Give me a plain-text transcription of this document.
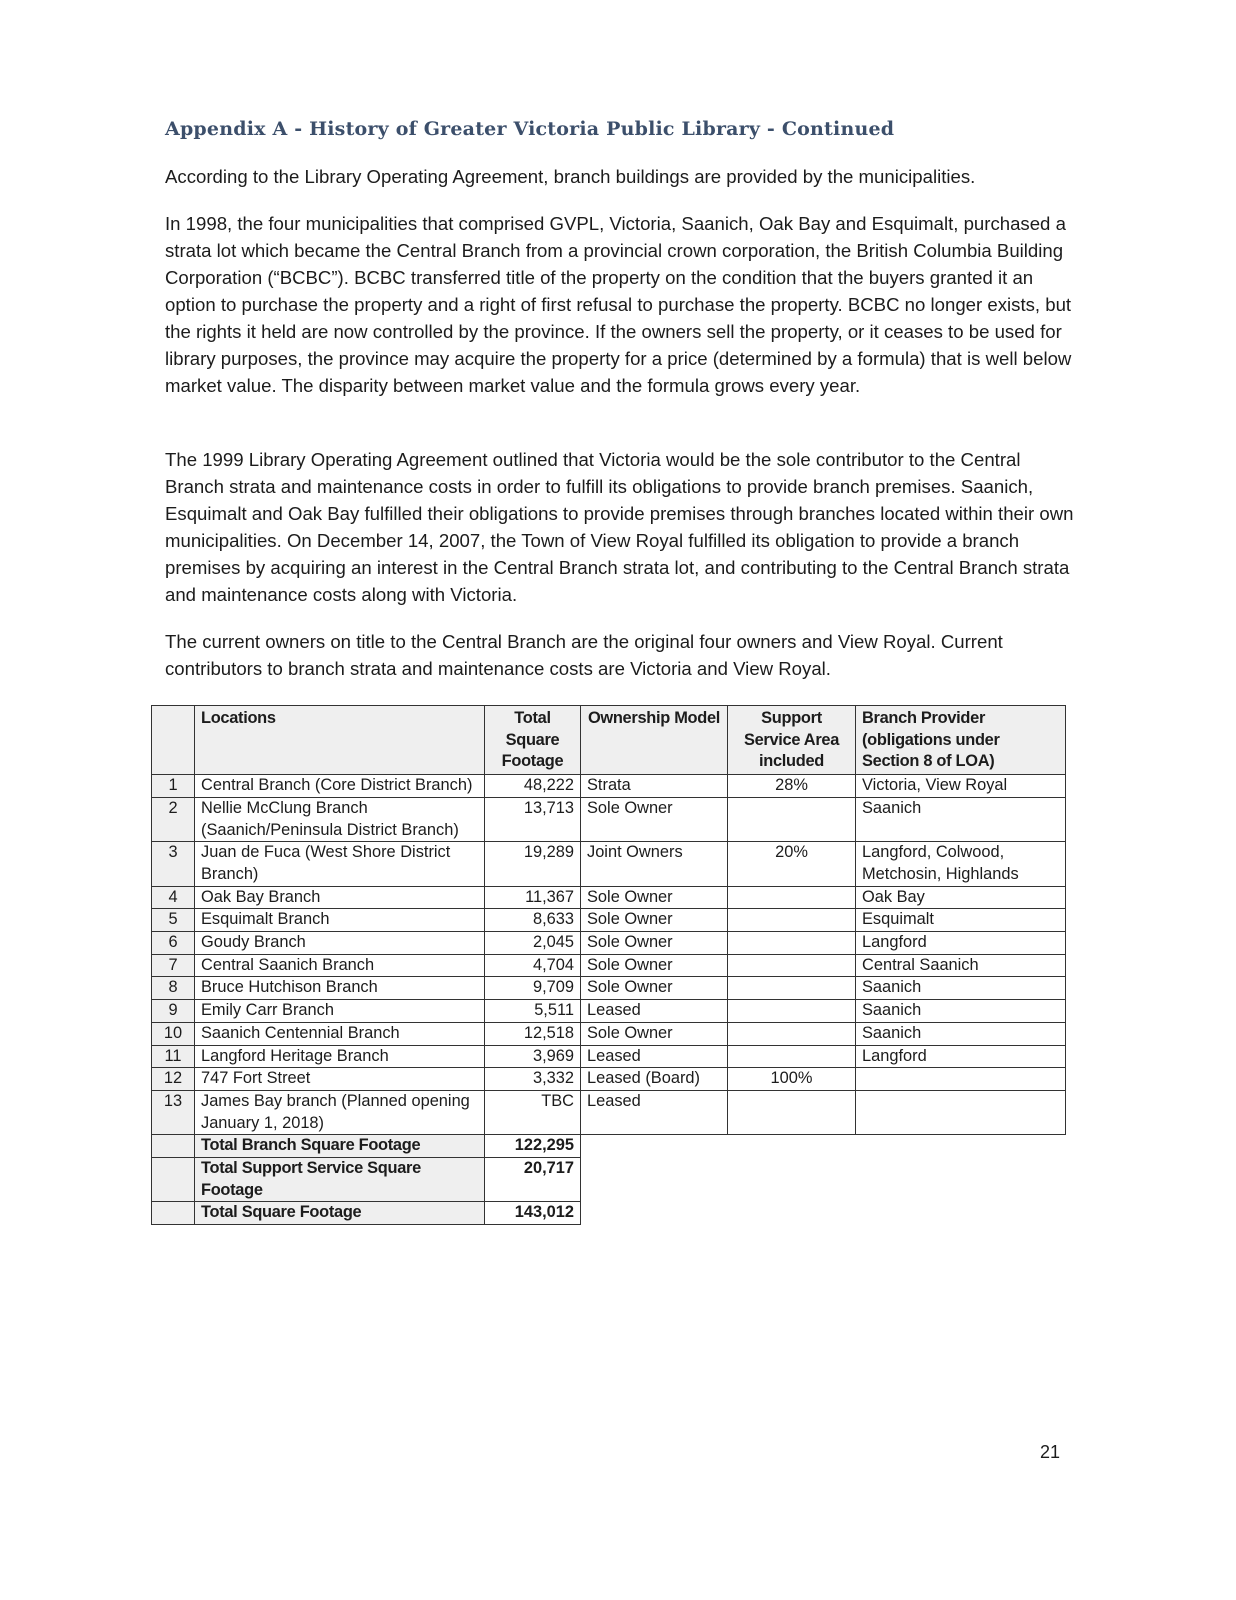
Appendix A - History of Greater Victoria Public Library - Continued

According to the Library Operating Agreement, branch buildings are provided by the municipalities.

In 1998, the four municipalities that comprised GVPL, Victoria, Saanich, Oak Bay and Esquimalt, purchased a strata lot which became the Central Branch from a provincial crown corporation, the British Columbia Building Corporation (“BCBC”). BCBC transferred title of the property on the condition that the buyers granted it an option to purchase the property and a right of first refusal to purchase the property. BCBC no longer exists, but the rights it held are now controlled by the province. If the owners sell the property, or it ceases to be used for library purposes, the province may acquire the property for a price (determined by a formula) that is well below market value. The disparity between market value and the formula grows every year.

The 1999 Library Operating Agreement outlined that Victoria would be the sole contributor to the Central Branch strata and maintenance costs in order to fulfill its obligations to provide branch premises. Saanich, Esquimalt and Oak Bay fulfilled their obligations to provide premises through branches located within their own municipalities. On December 14, 2007, the Town of View Royal fulfilled its obligation to provide a branch premises by acquiring an interest in the Central Branch strata lot, and contributing to the Central Branch strata and maintenance costs along with Victoria.

The current owners on title to the Central Branch are the original four owners and View Royal. Current contributors to branch strata and maintenance costs are Victoria and View Royal.

	Locations	Total Square Footage	Ownership Model	Support Service Area included	Branch Provider (obligations under Section 8 of LOA)
1	Central Branch (Core District Branch)	48,222	Strata	28%	Victoria, View Royal
2	Nellie McClung Branch (Saanich/Peninsula District Branch)	13,713	Sole Owner		Saanich
3	Juan de Fuca (West Shore District Branch)	19,289	Joint Owners	20%	Langford, Colwood, Metchosin, Highlands
4	Oak Bay Branch	11,367	Sole Owner		Oak Bay
5	Esquimalt Branch	8,633	Sole Owner		Esquimalt
6	Goudy Branch	2,045	Sole Owner		Langford
7	Central Saanich Branch	4,704	Sole Owner		Central Saanich
8	Bruce Hutchison Branch	9,709	Sole Owner		Saanich
9	Emily Carr Branch	5,511	Leased		Saanich
10	Saanich Centennial Branch	12,518	Sole Owner		Saanich
11	Langford Heritage Branch	3,969	Leased		Langford
12	747 Fort Street	3,332	Leased (Board)	100%	
13	James Bay branch (Planned opening January 1, 2018)	TBC	Leased		
	Total Branch Square Footage	122,295			
	Total Support Service Square Footage	20,717			
	Total Square Footage	143,012			
21
